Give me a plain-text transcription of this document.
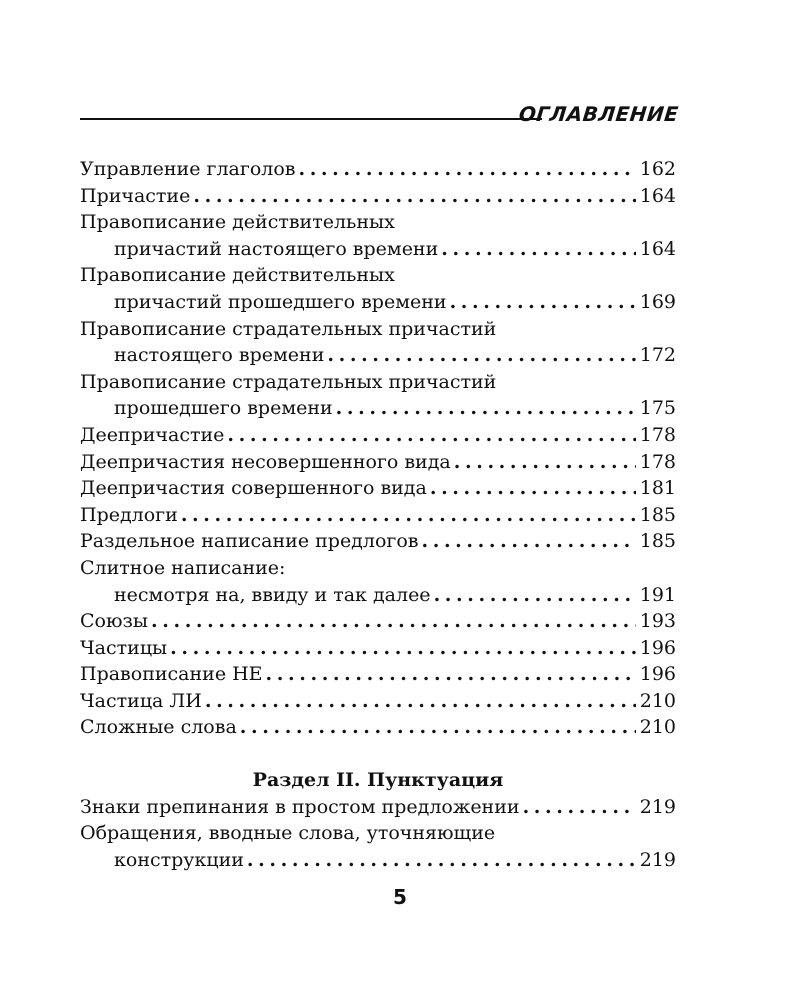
ОГЛАВЛЕНИЕ
Управление глаголов . . .	162
Причастие . . .	164
Правописание действительных
причастий настоящего времени . . .	164
Правописание действительных
причастий прошедшего времени . . .	169
Правописание страдательных причастий
настоящего времени . . .	172
Правописание страдательных причастий
прошедшего времени . . .	175
Деепричастие . . .	178
Деепричастия несовершенного вида . . .	178
Деепричастия совершенного вида . . .	181
Предлоги . . .	185
Раздельное написание предлогов . . .	185
Слитное написание:
несмотря на, ввиду и так далее . . .	191
Союзы . . .	193
Частицы . . .	196
Правописание НЕ . . .	196
Частица ЛИ . . .	210
Сложные слова . . .	210
Раздел II. Пунктуация
Знаки препинания в простом предложении . . .	219
Обращения, вводные слова, уточняющие
конструкции . . .	219
5
